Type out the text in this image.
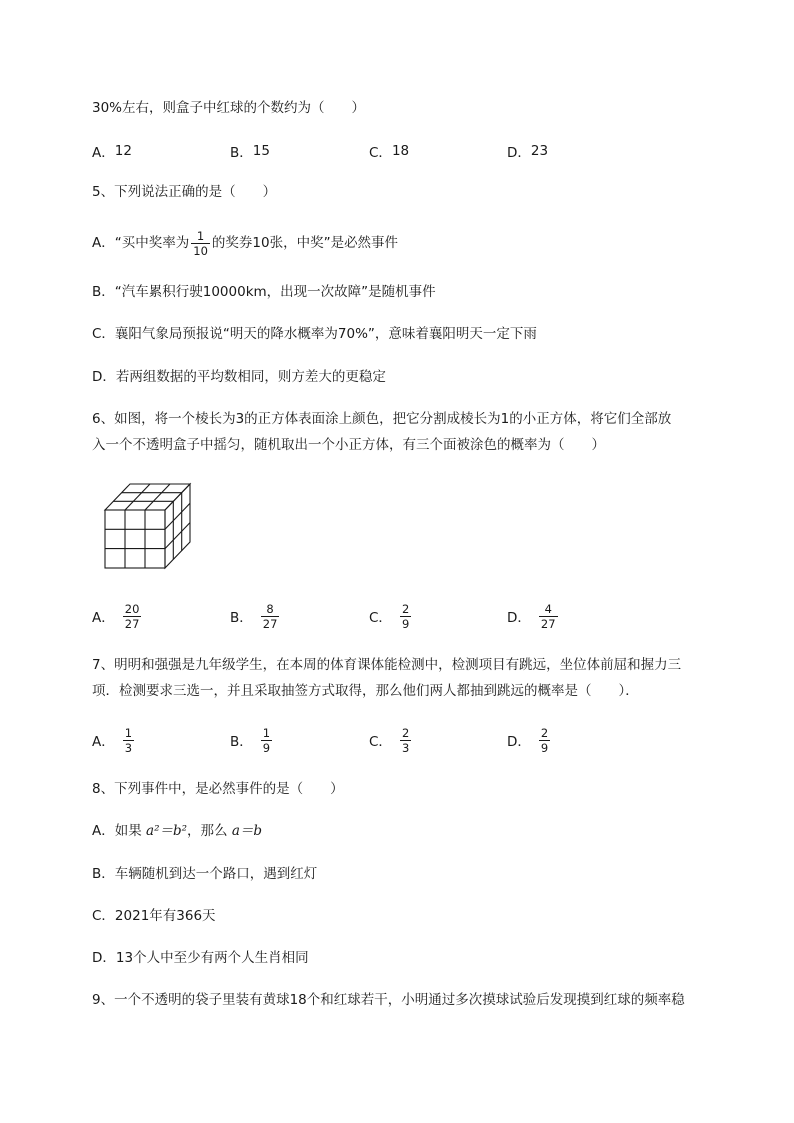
30%左右，则盒子中红球的个数约为（　　）
A． 12	B． 15	C． 18	D． 23
5、下列说法正确的是（　　）
A． “买中奖率为 $\frac{1}{10}$ 的奖券10张，中奖”是必然事件
B．“汽车累积行驶10000km，出现一次故障”是随机事件
C．襄阳气象局预报说“明天的降水概率为70%”，意味着襄阳明天一定下雨
D．若两组数据的平均数相同，则方差大的更稳定
6、如图，将一个棱长为3的正方体表面涂上颜色，把它分割成棱长为1的小正方体，将它们全部放
入一个不透明盒子中摇匀，随机取出一个小正方体，有三个面被涂色的概率为（　　）
A． $\frac{20}{27}$	B． $\frac{8}{27}$	C． $\frac{2}{9}$	D． $\frac{4}{27}$
7、明明和强强是九年级学生，在本周的体育课体能检测中，检测项目有跳远，坐位体前屈和握力三
项．检测要求三选一，并且采取抽签方式取得，那么他们两人都抽到跳远的概率是（　　）．
A． $\frac{1}{3}$	B． $\frac{1}{9}$	C． $\frac{2}{3}$	D． $\frac{2}{9}$
8、下列事件中，是必然事件的是（　　）
A．如果 a²＝b²，那么 a＝b
B．车辆随机到达一个路口，遇到红灯
C．2021年有366天
D．13个人中至少有两个人生肖相同
9、一个不透明的袋子里装有黄球18个和红球若干，小明通过多次摸球试验后发现摸到红球的频率稳
